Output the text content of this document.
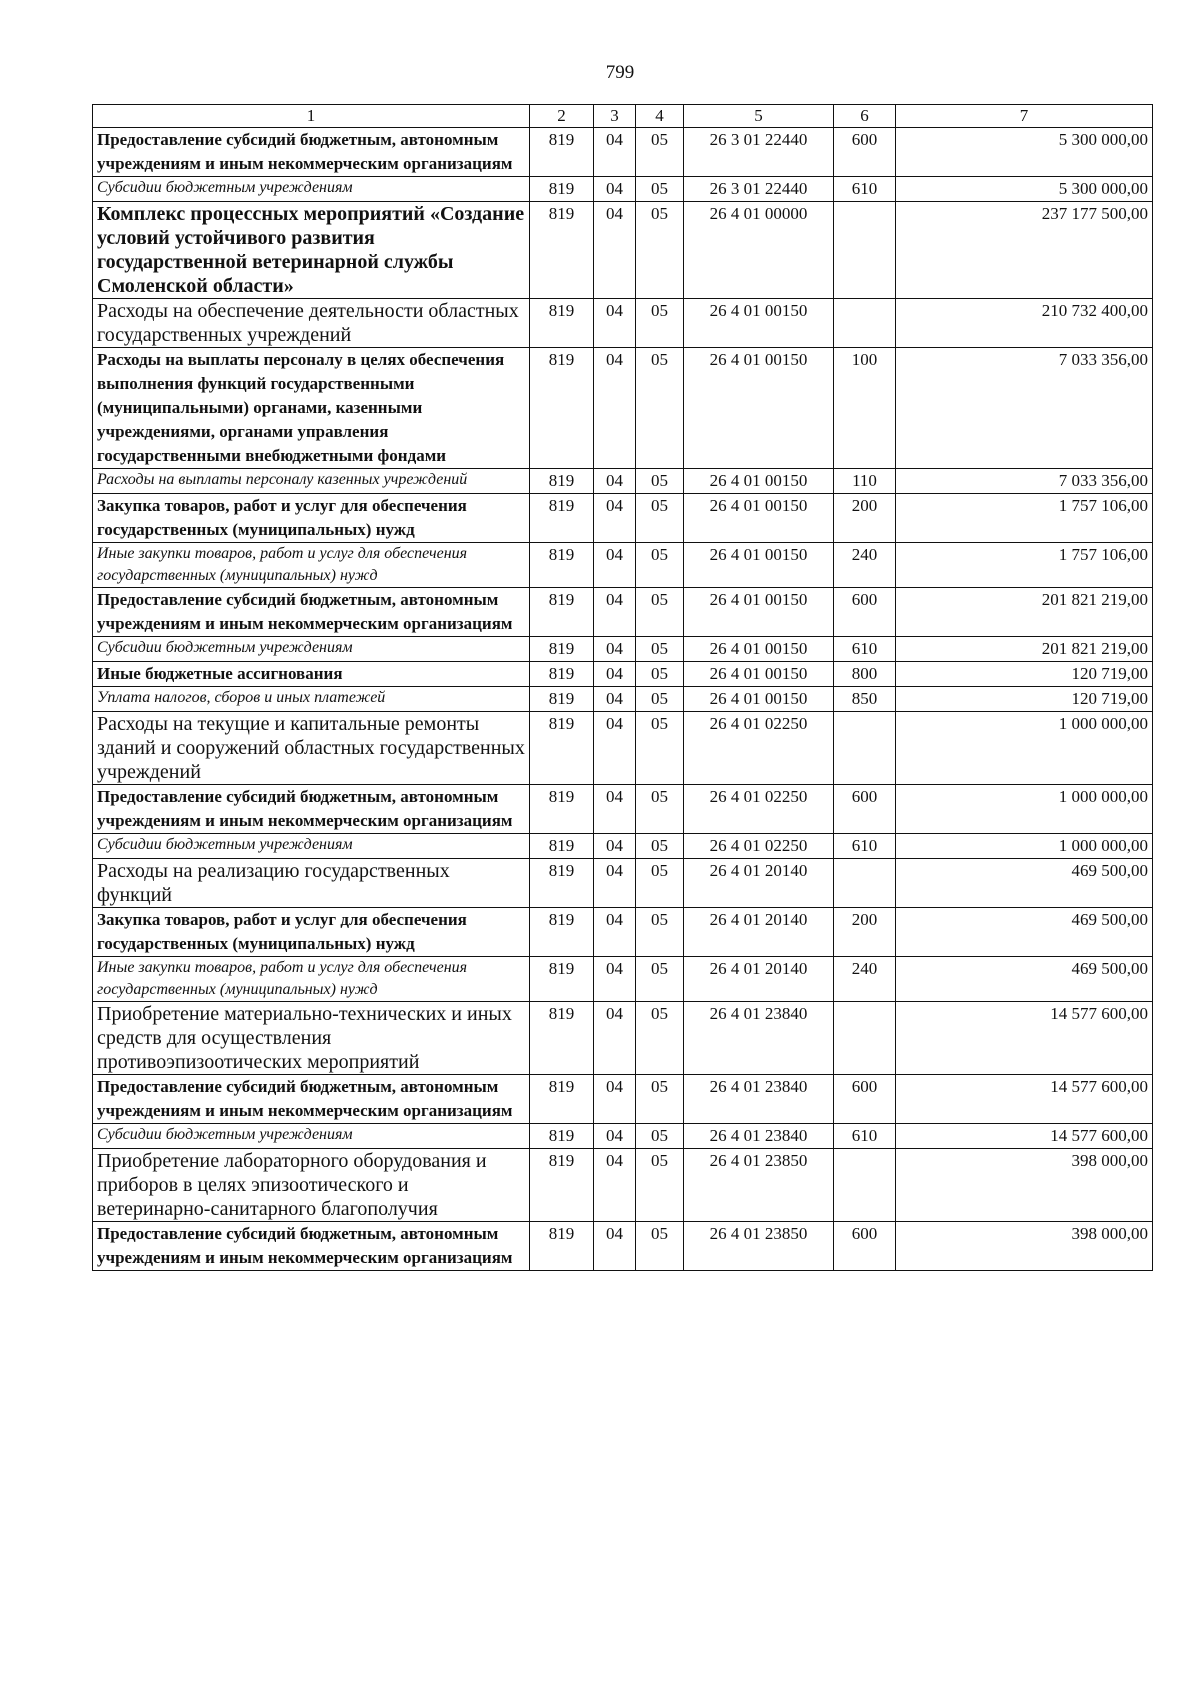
799
1	2	3	4	5	6	7
Предоставление субсидий бюджетным, автономным учреждениям и иным некоммерческим организациям	819	04	05	26 3 01 22440	600	5 300 000,00
Субсидии бюджетным учреждениям	819	04	05	26 3 01 22440	610	5 300 000,00
Комплекс процессных мероприятий «Создание условий устойчивого развития государственной ветеринарной службы Смоленской области»	819	04	05	26 4 01 00000		237 177 500,00
Расходы на обеспечение деятельности областных государственных учреждений	819	04	05	26 4 01 00150		210 732 400,00
Расходы на выплаты персоналу в целях обеспечения выполнения функций государственными (муниципальными) органами, казенными учреждениями, органами управления государственными внебюджетными фондами	819	04	05	26 4 01 00150	100	7 033 356,00
Расходы на выплаты персоналу казенных учреждений	819	04	05	26 4 01 00150	110	7 033 356,00
Закупка товаров, работ и услуг для обеспечения государственных (муниципальных) нужд	819	04	05	26 4 01 00150	200	1 757 106,00
Иные закупки товаров, работ и услуг для обеспечения государственных (муниципальных) нужд	819	04	05	26 4 01 00150	240	1 757 106,00
Предоставление субсидий бюджетным, автономным учреждениям и иным некоммерческим организациям	819	04	05	26 4 01 00150	600	201 821 219,00
Субсидии бюджетным учреждениям	819	04	05	26 4 01 00150	610	201 821 219,00
Иные бюджетные ассигнования	819	04	05	26 4 01 00150	800	120 719,00
Уплата налогов, сборов и иных платежей	819	04	05	26 4 01 00150	850	120 719,00
Расходы на текущие и капитальные ремонты зданий и сооружений областных государственных учреждений	819	04	05	26 4 01 02250		1 000 000,00
Предоставление субсидий бюджетным, автономным учреждениям и иным некоммерческим организациям	819	04	05	26 4 01 02250	600	1 000 000,00
Субсидии бюджетным учреждениям	819	04	05	26 4 01 02250	610	1 000 000,00
Расходы на реализацию государственных функций	819	04	05	26 4 01 20140		469 500,00
Закупка товаров, работ и услуг для обеспечения государственных (муниципальных) нужд	819	04	05	26 4 01 20140	200	469 500,00
Иные закупки товаров, работ и услуг для обеспечения государственных (муниципальных) нужд	819	04	05	26 4 01 20140	240	469 500,00
Приобретение материально-технических и иных средств для осуществления противоэпизоотических мероприятий	819	04	05	26 4 01 23840		14 577 600,00
Предоставление субсидий бюджетным, автономным учреждениям и иным некоммерческим организациям	819	04	05	26 4 01 23840	600	14 577 600,00
Субсидии бюджетным учреждениям	819	04	05	26 4 01 23840	610	14 577 600,00
Приобретение лабораторного оборудования и приборов в целях эпизоотического и ветеринарно-санитарного благополучия	819	04	05	26 4 01 23850		398 000,00
Предоставление субсидий бюджетным, автономным учреждениям и иным некоммерческим организациям	819	04	05	26 4 01 23850	600	398 000,00
